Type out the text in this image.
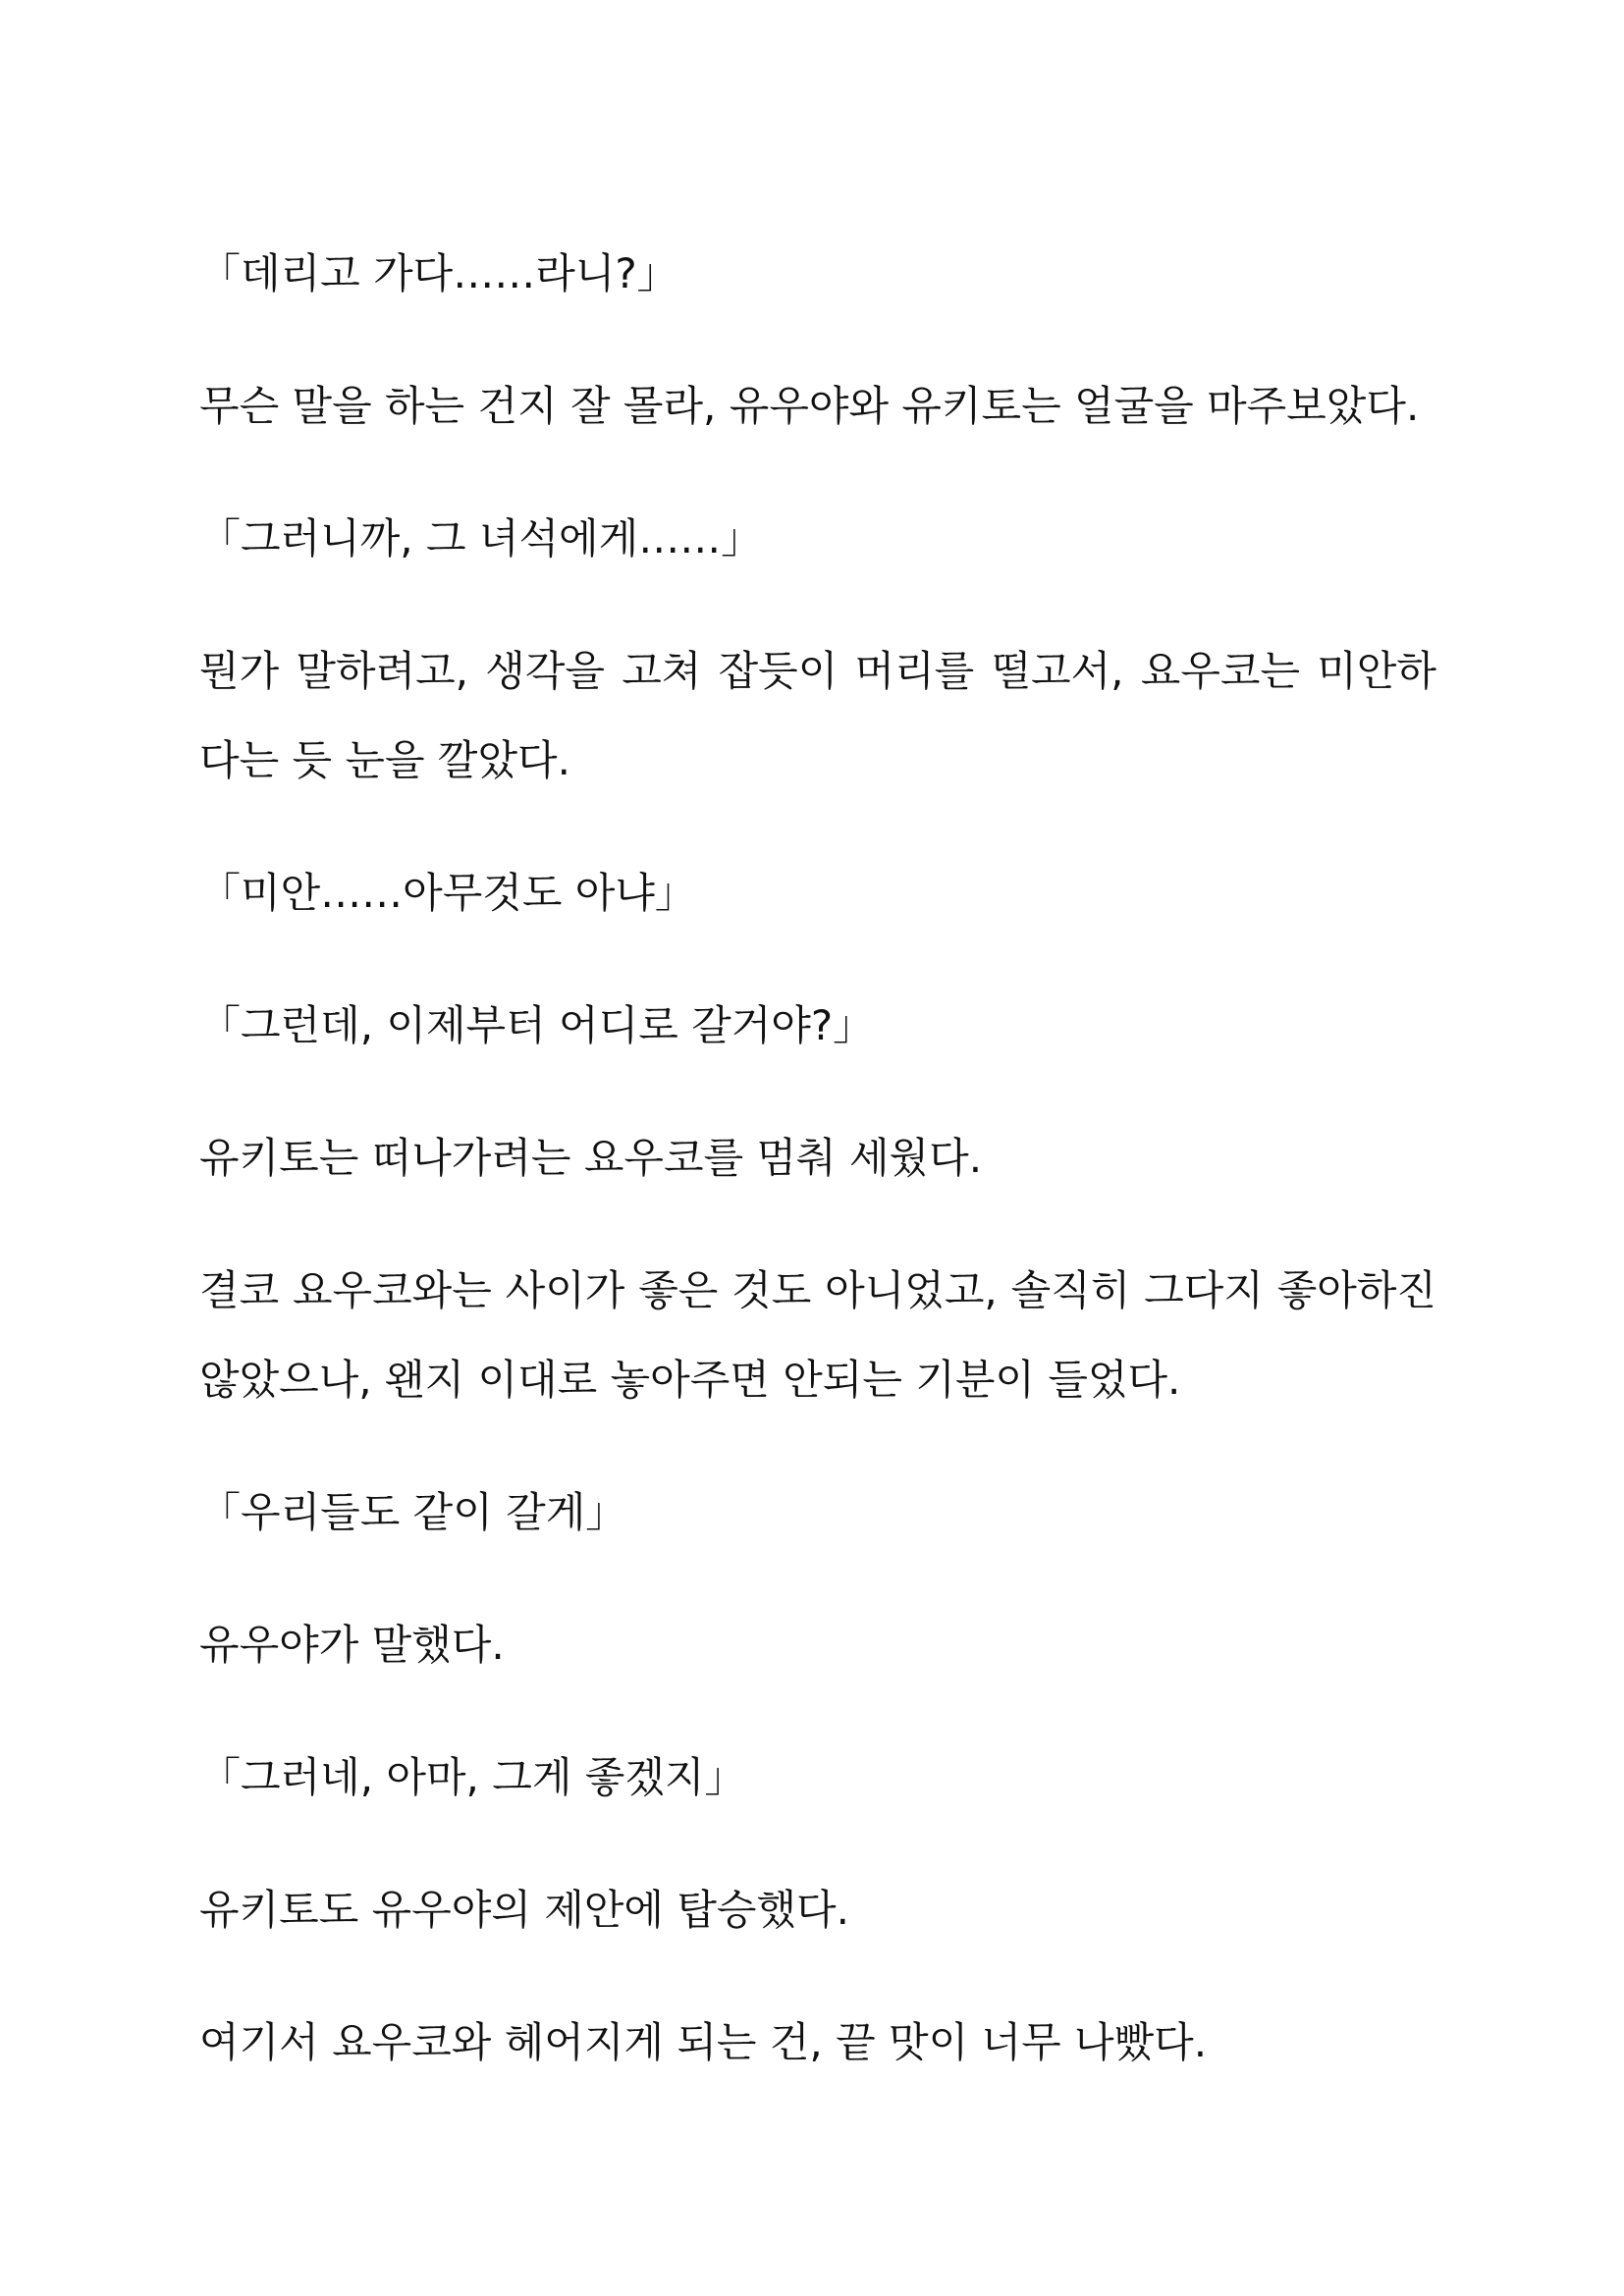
「데리고 가다……라니?」

무슨 말을 하는 건지 잘 몰라, 유우야와 유키토는 얼굴을 마주보았다.

「그러니까, 그 녀석에게……」

뭔가 말하려고, 생각을 고쳐 잡듯이 머리를 떨고서, 요우코는 미안하다는 듯 눈을 깔았다.

「미안……아무것도 아냐」

「그런데, 이제부터 어디로 갈거야?」

유키토는 떠나가려는 요우코를 멈춰 세웠다.

결코 요우코와는 사이가 좋은 것도 아니었고, 솔직히 그다지 좋아하진 않았으나, 왠지 이대로 놓아주면 안되는 기분이 들었다.

「우리들도 같이 갈게」

유우야가 말했다.

「그러네, 아마, 그게 좋겠지」

유키토도 유우야의 제안에 탑승했다.

여기서 요우코와 헤어지게 되는 건, 끝 맛이 너무 나빴다.
